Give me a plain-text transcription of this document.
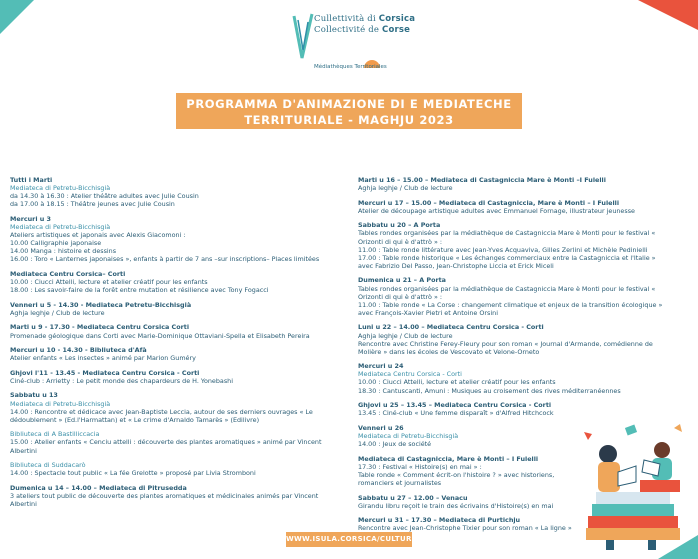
Cullettività di Corsica
Collectivité de Corse
Médiathèques Territoriales
PROGRAMMA D'ANIMAZIONE DI E MEDIATECHE
TERRITURIALE - MAGHJU 2023
Tutti i Marti
Mediateca di Petretu-Bicchisgià
da 14.30 à 16.30 : Atelier théâtre adultes avec Julie Cousin
da 17.00 à 18.15 : Théâtre jeunes avec Julie Cousin
Mercuri u 3
Mediateca di Petretu-Bicchisgià
Ateliers artistiques et japonais avec Alexis Giacomoni :
10.00 Calligraphie japonaise
14.00 Manga : histoire et dessins
16.00 : Toro « Lanternes japonaises », enfants à partir de 7 ans –sur inscriptions– Places limitées
Mediateca Centru Corsica– Corti
10.00 : Ciucci Attelli, lecture et atelier créatif pour les enfants
18.00 : Les savoir-faire de la forêt entre mutation et résilience avec Tony Fogacci
Venneri u 5 - 14.30 - Mediateca Petretu-Bicchisgià
Aghja leghje / Club de lecture
Marti u 9 - 17.30 - Mediateca Centru Corsica Corti
Promenade géologique dans Corti avec Marie-Dominique Ottaviani-Spella et Elisabeth Pereira
Mercuri u 10 - 14.30 - Bibliuteca d'Afà
Atelier enfants « Les insectes » animé par Marion Guméry
Ghjovi l'11 - 13.45 - Mediateca Centru Corsica - Corti
Ciné-club : Arrietty : Le petit monde des chapardeurs de H. Yonebashi
Sabbatu u 13
Mediateca di Petretu-Bicchisgià
14.00 : Rencontre et dédicace avec Jean-Baptiste Leccia, autour de ses derniers ouvrages « Le
dédoublement » (Ed.l'Harmattan) et « Le crime d'Arnaldo Tamarès » (Edilivre)
Bibliuteca di A Bastilliccacia
15.00 : Atelier enfants « Cenciu attelli : découverte des plantes aromatiques » animé par Vincent
Albertini
Bibliuteca di Suddacarò
14.00 : Spectacle tout public « La fée Grelotte » proposé par Livia Stromboni
Dumenica u 14 – 14.00 – Mediateca di Pitrusedda
3 ateliers tout public de découverte des plantes aromatiques et médicinales animés par Vincent
Albertini
Marti u 16 – 15.00 – Mediateca di Castagniccia Mare è Monti –I Fulelli
Aghja leghje / Club de lecture
Mercuri u 17 – 15.00 – Mediateca di Castagniccia, Mare è Monti – I Fulelli
Atelier de découpage artistique adultes avec Emmanuel Fornage, illustrateur jeunesse
Sabbatu u 20 – A Porta
Tables rondes organisées par la médiathèque de Castagniccia Mare è Monti pour le festival «
Orizonti di qui è d'attrò » :
11.00 : Table ronde littérature avec Jean-Yves Acquaviva, Gilles Zerlini et Michèle Pedinielli
17.00 : Table ronde historique « Les échanges commerciaux entre la Castagniccia et l'Italie »
avec Fabrizio Del Passo, Jean-Christophe Liccia et Erick Miceli
Dumenica u 21 – A Porta
Tables rondes organisées par la médiathèque de Castagniccia Mare è Monti pour le festival «
Orizonti di qui è d'attrò » :
11.00 : Table ronde « La Corse : changement climatique et enjeux de la transition écologique »
avec François-Xavier Pietri et Antoine Orsini
Luni u 22 – 14.00 – Mediateca Centru Corsica - Corti
Aghja leghje / Club de lecture
Rencontre avec Christine Ferey-Fleury pour son roman « Journal d'Armande, comédienne de
Molière » dans les écoles de Vescovato et Velone-Orneto
Mercuri u 24
Mediateca Centru Corsica - Corti
10.00 : Ciucci Attelli, lecture et atelier créatif pour les enfants
18.30 : Cantuscanti, Amuni : Musiques au croisement des rives méditerranéennes
Ghjovi u 25 – 13.45 – Mediateca Centru Corsica - Corti
13.45 : Ciné-club « Une femme disparaît » d'Alfred Hitchcock
Venneri u 26
Mediateca di Petretu-Bicchisgià
14.00 : Jeux de société
Mediateca di Castagniccia, Mare è Monti – I Fulelli
17.30 : Festival « Histoire(s) en mai » :
Table ronde « Comment écrit-on l'histoire ? » avec historiens,
romanciers et journalistes
Sabbatu u 27 – 12.00 – Venacu
Girandu libru reçoit le train des écrivains d'Histoire(s) en mai
Mercuri u 31 – 17.30 – Mediateca di Purtichju
Rencontre avec Jean-Christophe Tixier pour son roman « La ligne »
WWW.ISULA.CORSICA/CULTURE/
